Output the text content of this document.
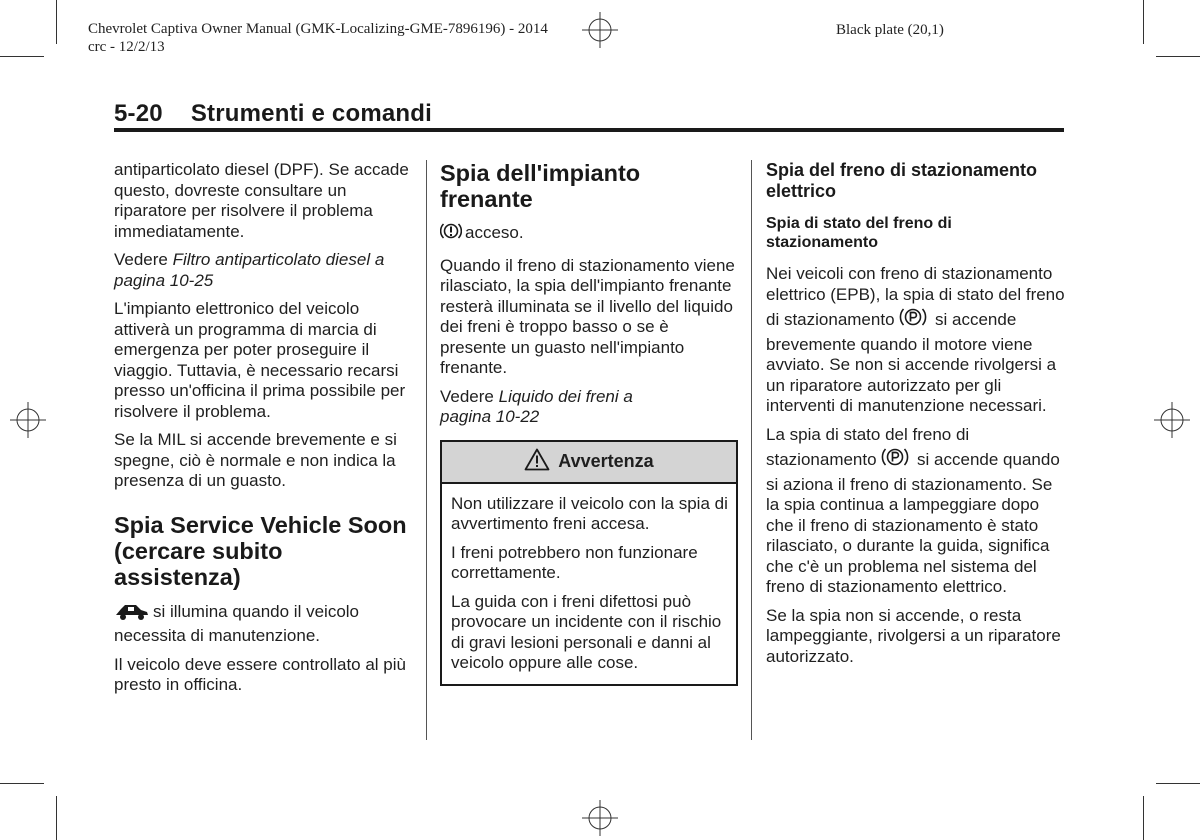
Chevrolet Captiva Owner Manual (GMK-Localizing-GME-7896196) - 2014
crc - 12/2/13
Black plate (20,1)
5-20 Strumenti e comandi

antiparticolato diesel (DPF). Se accade questo, dovreste consultare un riparatore per risolvere il problema immediatamente.

Vedere Filtro antiparticolato diesel a pagina 10-25

L'impianto elettronico del veicolo attiverà un programma di marcia di emergenza per poter proseguire il viaggio. Tuttavia, è necessario recarsi presso un'officina il prima possibile per risolvere il problema.

Se la MIL si accende brevemente e si spegne, ciò è normale e non indica la presenza di un guasto.

Spia Service Vehicle Soon (cercare subito assistenza)

si illumina quando il veicolo necessita di manutenzione.

Il veicolo deve essere controllato al più presto in officina.

Spia dell'impianto frenante

acceso.

Quando il freno di stazionamento viene rilasciato, la spia dell'impianto frenante resterà illuminata se il livello del liquido dei freni è troppo basso o se è presente un guasto nell'impianto frenante.

Vedere Liquido dei freni a
pagina 10-22

Avvertenza

Non utilizzare il veicolo con la spia di avvertimento freni accesa.

I freni potrebbero non funzionare correttamente.

La guida con i freni difettosi può provocare un incidente con il rischio di gravi lesioni personali e danni al veicolo oppure alle cose.

Spia del freno di stazionamento elettrico
Spia di stato del freno di stazionamento

Nei veicoli con freno di stazionamento elettrico (EPB), la spia di stato del freno di stazionamento si accende brevemente quando il motore viene avviato. Se non si accende rivolgersi a un riparatore autorizzato per gli interventi di manutenzione necessari.

La spia di stato del freno di stazionamento si accende quando si aziona il freno di stazionamento. Se la spia continua a lampeggiare dopo che il freno di stazionamento è stato rilasciato, o durante la guida, significa che c'è un problema nel sistema del freno di stazionamento elettrico.

Se la spia non si accende, o resta lampeggiante, rivolgersi a un riparatore autorizzato.
